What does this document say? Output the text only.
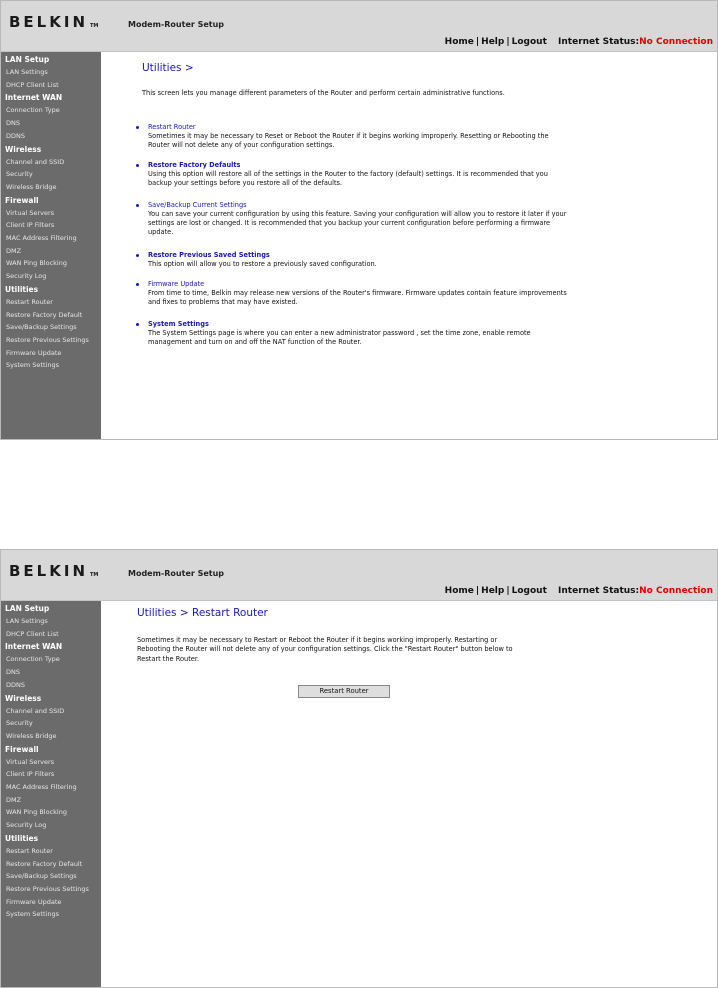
BELKIN TM	Modem-Router Setup
Home | Help | Logout Internet Status:No Connection
LAN Setup
LAN Settings
DHCP Client List
Internet WAN
Connection Type
DNS
DDNS
Wireless
Channel and SSID
Security
Wireless Bridge
Firewall
Virtual Servers
Client IP Filters
MAC Address Filtering
DMZ
WAN Ping Blocking
Security Log
Utilities
Restart Router
Restore Factory Default
Save/Backup Settings
Restore Previous Settings
Firmware Update
System Settings
Utilities >
This screen lets you manage different parameters of the Router and perform certain administrative functions.
Restart Router
Sometimes it may be necessary to Reset or Reboot the Router if it begins working improperly. Resetting or Rebooting the Router will not delete any of your configuration settings.
Restore Factory Defaults
Using this option will restore all of the settings in the Router to the factory (default) settings. It is recommended that you backup your settings before you restore all of the defaults.
Save/Backup Current Settings
You can save your current configuration by using this feature. Saving your configuration will allow you to restore it later if your settings are lost or changed. It is recommended that you backup your current configuration before performing a firmware update.
Restore Previous Saved Settings
This option will allow you to restore a previously saved configuration.
Firmware Update
From time to time, Belkin may release new versions of the Router's firmware. Firmware updates contain feature improvements and fixes to problems that may have existed.
System Settings
The System Settings page is where you can enter a new administrator password , set the time zone, enable remote management and turn on and off the NAT function of the Router.
BELKIN TM	Modem-Router Setup
Home | Help | Logout Internet Status:No Connection
LAN Setup
LAN Settings
DHCP Client List
Internet WAN
Connection Type
DNS
DDNS
Wireless
Channel and SSID
Security
Wireless Bridge
Firewall
Virtual Servers
Client IP Filters
MAC Address Filtering
DMZ
WAN Ping Blocking
Security Log
Utilities
Restart Router
Restore Factory Default
Save/Backup Settings
Restore Previous Settings
Firmware Update
System Settings
Utilities > Restart Router
Sometimes it may be necessary to Restart or Reboot the Router if it begins working improperly. Restarting or Rebooting the Router will not delete any of your configuration settings. Click the "Restart Router" button below to Restart the Router.
Restart Router
